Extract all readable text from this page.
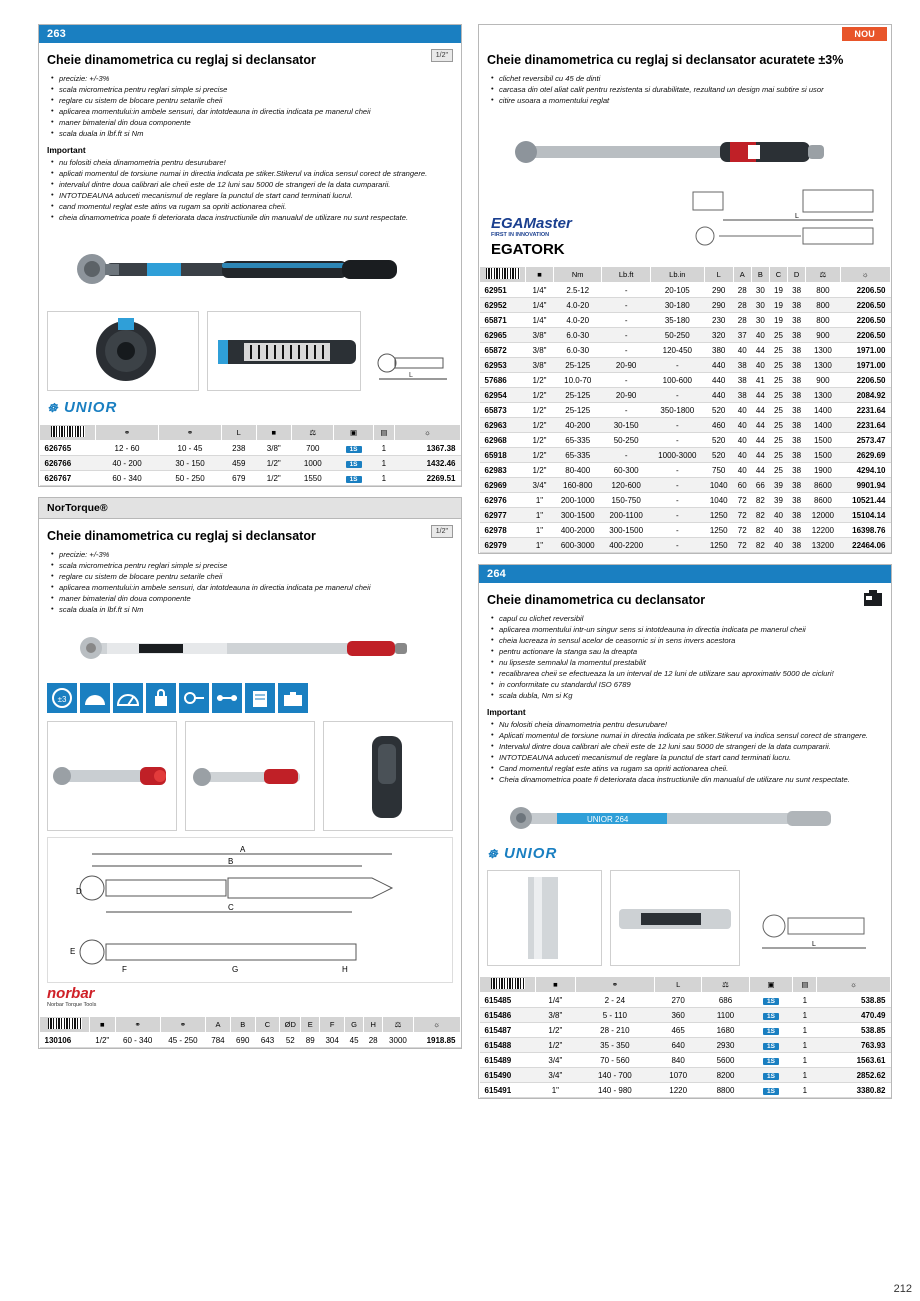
263
Cheie dinamometrica cu reglaj si declansator	1/2"
• precizie: +/-3%
• scala micrometrica pentru reglari simple si precise
• reglare cu sistem de blocare pentru setarile cheii
• aplicarea momentului:in ambele sensuri, dar intotdeauna in directia indicata pe manerul cheii
• maner bimaterial din doua componente
• scala duala in lbf.ft si Nm
Important
• nu folositi cheia dinamometria pentru desurubare!
• aplicati momentul de torsiune numai in directia indicata pe stiker.Stikerul va indica sensul corect de strangere.
• intervalul dintre doua calibrari ale cheii este de 12 luni sau 5000 de strangeri de la data cumpararii.
• INTOTDEAUNA aduceti mecanismul de reglare la punctul de start cand terminati lucrul.
• cand momentul reglat este atins va rugam sa opriti actionarea cheii.
• cheia dinamometrica poate fi deteriorata daca instructiunile din manualul de utilizare nu sunt respectate.
L
☸ UNIOR
	⚭	⚭	L	■	⚖	▣	▤	☼
626765	12 - 60	10 - 45	238	3/8"	700	1S	1	1367.38
626766	40 - 200	30 - 150	459	1/2"	1000	1S	1	1432.46
626767	60 - 340	50 - 250	679	1/2"	1550	1S	1	2269.51
NorTorque®
Cheie dinamometrica cu reglaj si declansator	1/2"
• precizie: +/-3%
• scala micrometrica pentru reglari simple si precise
• reglare cu sistem de blocare pentru setarile cheii
• aplicarea momentului:in ambele sensuri, dar intotdeauna in directia indicata pe manerul cheii
• maner bimaterial din doua componente
• scala duala in lbf.ft si Nm
±3
A
B
C
D

E
F	G	H
norbar
Norbar Torque Tools
	■	⚭	⚭	A	B	C	ØD	E	F	G	H	⚖	☼
130106	1/2"	60 - 340	45 - 250	784	690	643	52	89	304	45	28	3000	1918.85
NOU
Cheie dinamometrica cu reglaj si declansator acuratete ±3%
• clichet reversibil cu 45 de dinti
• carcasa din otel aliat calit pentru rezistenta si durabilitate, rezultand un design mai subtire si usor
• citire usoara a momentului reglat
EGAMaster
FIRST IN INNOVATION
EGATORK
L
	■	Nm	Lb.ft	Lb.in	L	A	B	C	D	⚖	☼
62951	1/4"	2.5-12	-	20-105	290	28	30	19	38	800	2206.50
62952	1/4"	4.0-20	-	30-180	290	28	30	19	38	800	2206.50
65871	1/4"	4.0-20	-	35-180	230	28	30	19	38	800	2206.50
62965	3/8"	6.0-30	-	50-250	320	37	40	25	38	900	2206.50
65872	3/8"	6.0-30	-	120-450	380	40	44	25	38	1300	1971.00
62953	3/8"	25-125	20-90	-	440	38	40	25	38	1300	1971.00
57686	1/2"	10.0-70	-	100-600	440	38	41	25	38	900	2206.50
62954	1/2"	25-125	20-90	-	440	38	44	25	38	1300	2084.92
65873	1/2"	25-125	-	350-1800	520	40	44	25	38	1400	2231.64
62963	1/2"	40-200	30-150	-	460	40	44	25	38	1400	2231.64
62968	1/2"	65-335	50-250	-	520	40	44	25	38	1500	2573.47
65918	1/2"	65-335	-	1000-3000	520	40	44	25	38	1500	2629.69
62983	1/2"	80-400	60-300	-	750	40	44	25	38	1900	4294.10
62969	3/4"	160-800	120-600	-	1040	60	66	39	38	8600	9901.94
62976	1"	200-1000	150-750	-	1040	72	82	39	38	8600	10521.44
62977	1"	300-1500	200-1100	-	1250	72	82	40	38	12000	15104.14
62978	1"	400-2000	300-1500	-	1250	72	82	40	38	12200	16398.76
62979	1"	600-3000	400-2200	-	1250	72	82	40	38	13200	22464.06
264
Cheie dinamometrica cu declansator
• capul cu clichet reversibil
• aplicarea momentului intr-un singur sens si intotdeauna in directia indicata pe manerul cheii
• cheia lucreaza in sensul acelor de ceasornic si in sens invers acestora
• pentru actionare la stanga sau la dreapta
• nu lipseste semnalul la momentul prestabilit
• recalibrarea cheii se efectueaza la un interval de 12 luni de utilizare sau aproximativ 5000 de cicluri!
• in conformitate cu standardul ISO 6789
• scala dubla, Nm si Kg
Important
• Nu folositi cheia dinamometria pentru desurubare!
• Aplicati momentul de torsiune numai in directia indicata pe stiker.Stikerul va indica sensul corect de strangere.
• Intervalul dintre doua calibrari ale cheii este de 12 luni sau 5000 de strangeri de la data cumpararii.
• INTOTDEAUNA aduceti mecanismul de reglare la punctul de start cand terminati lucru.
• Cand momentul reglat este atins va rugam sa opriti actionarea cheii.
• Cheia dinamometrica poate fi deteriorata daca instructiunile din manualul de utilizare nu sunt respectate.
UNIOR 264
☸ UNIOR
L
	■	⚭	L	⚖	▣	▤	☼
615485	1/4"	2 - 24	270	686	1S	1	538.85
615486	3/8"	5 - 110	360	1100	1S	1	470.49
615487	1/2"	28 - 210	465	1680	1S	1	538.85
615488	1/2"	35 - 350	640	2930	1S	1	763.93
615489	3/4"	70 - 560	840	5600	1S	1	1563.61
615490	3/4"	140 - 700	1070	8200	1S	1	2852.62
615491	1"	140 - 980	1220	8800	1S	1	3380.82
212
